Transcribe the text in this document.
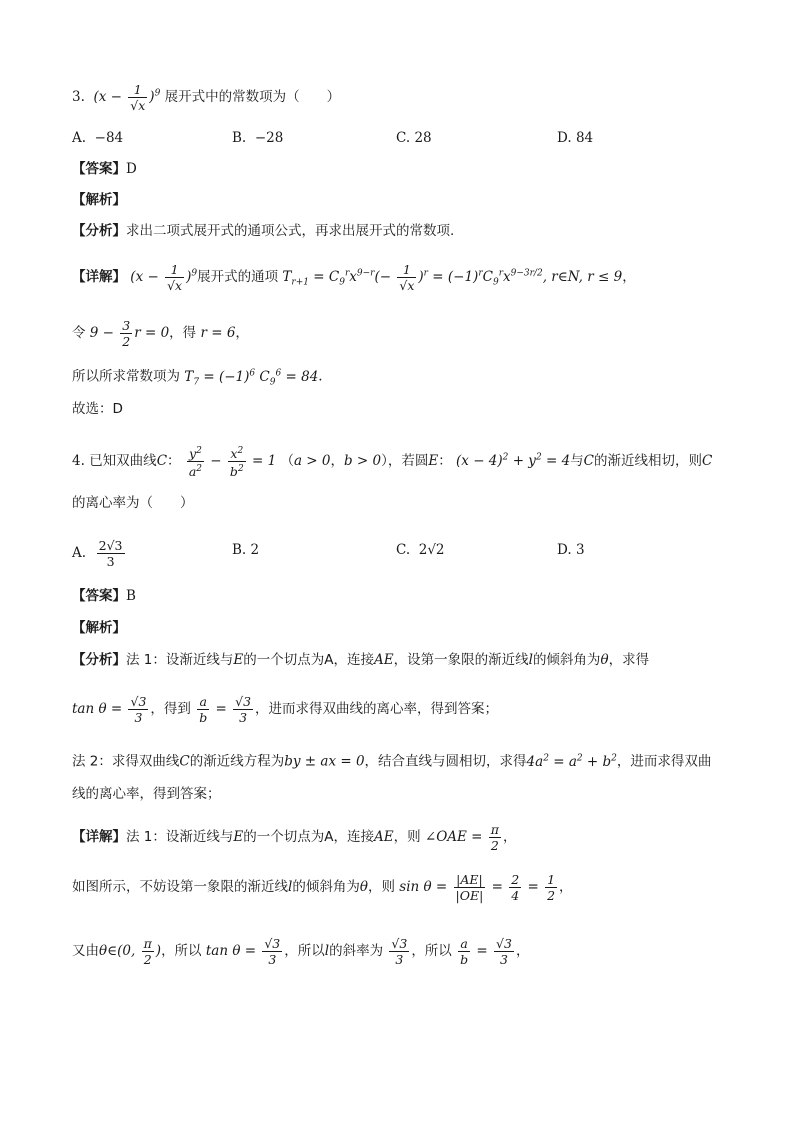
3.  $(x - \frac{1}{√x} )^9$ 展开式中的常数项为（　　）
A. −84	B. −28	C. 28	D. 84
【答案】D
【解析】
【分析】求出二项式展开式的通项公式，再求出展开式的常数项.
【详解】 $(x - \frac{1}{√x} )^9$展开式的通项 $T_{r+1} = C_9^rx^{9-r}(- \frac{1}{√x} )^r = (-1)^rC_9^rx^{9-3r/2}$, r∈N, r ≤ 9，
令 $9 - \frac{3}{2}$ r = 0，得 r = 6，
所以所求常数项为 $T_7 = (-1)^6$ $C_9^6 = 84$.
故选：D
4. 已知双曲线C： $\frac{y^2}{a^2} - \frac{x^2}{b^2} = 1$ （a > 0，b > 0），若圆E： $(x - 4)^2 + y^2 = 4$与C的渐近线相切，则C
的离心率为（　　）
A. $\frac{2√3}{3}$	B. 2	C. 2√2	D. 3
【答案】B
【解析】
【分析】法 1：设渐近线与E的一个切点为A，连接AE，设第一象限的渐近线l的倾斜角为θ，求得
$\tan \theta = \frac{√3}{3}$ ，得到 $\frac{a}{b} = \frac{√3}{3}$ ，进而求得双曲线的离心率，得到答案；
法 2：求得双曲线C的渐近线方程为by ± ax = 0，结合直线与圆相切，求得$4a^2 = a^2 + b^2$，进而求得双曲
线的离心率，得到答案；
【详解】法 1：设渐近线与E的一个切点为A，连接AE，则 ∠OAE = $\frac{\pi}{2}$ ，
如图所示，不妨设第一象限的渐近线l的倾斜角为θ，则 $\sin \theta = \frac{|AE|}{|OE|} = \frac{2}{4} = \frac{1}{2}$ ，
又由θ∈(0, $\frac{\pi}{2}$ )，所以 $\tan \theta = \frac{√3}{3}$ ，所以l的斜率为 $\frac{√3}{3}$ ，所以 $\frac{a}{b} = \frac{√3}{3}$ ，
